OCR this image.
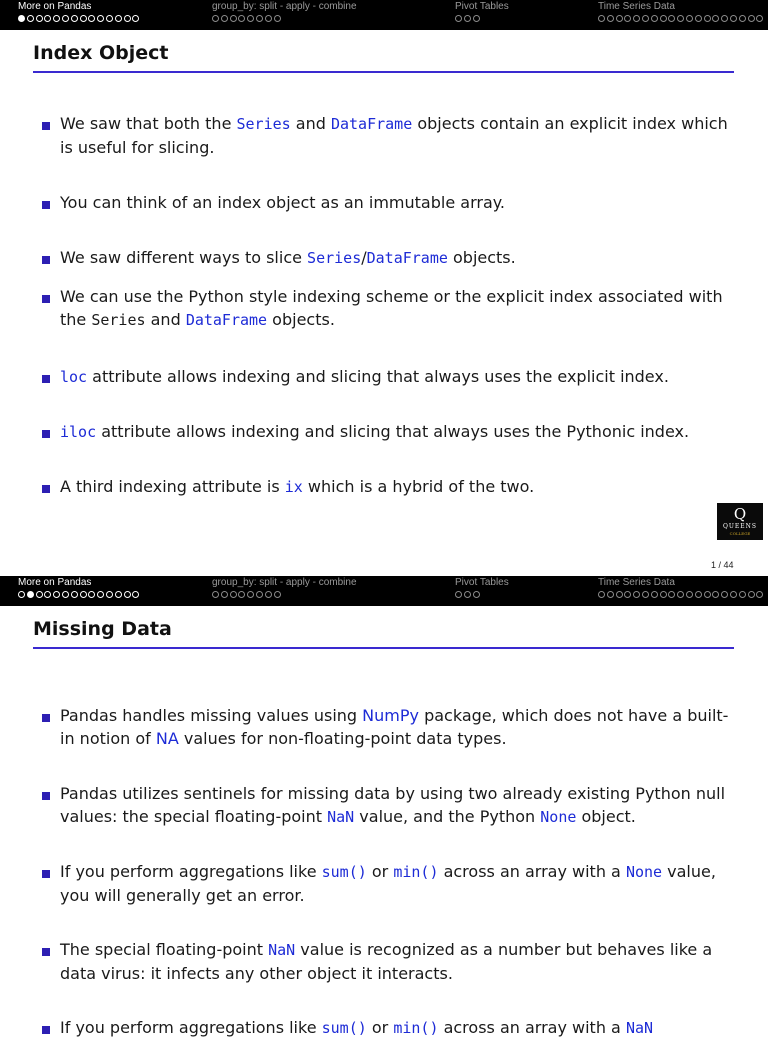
More on Pandas	group_by: split - apply - combine	Pivot Tables	Time Series Data
Index Object
We saw that both the Series and DataFrame objects contain an explicit index which is useful for slicing.
You can think of an index object as an immutable array.
We saw different ways to slice Series/DataFrame objects.
We can use the Python style indexing scheme or the explicit index associated with the Series and DataFrame objects.
loc attribute allows indexing and slicing that always uses the explicit index.
iloc attribute allows indexing and slicing that always uses the Pythonic index.
A third indexing attribute is ix which is a hybrid of the two.
Q
QUEENS
COLLEGE
1 / 44
More on Pandas	group_by: split - apply - combine	Pivot Tables	Time Series Data
Missing Data
Pandas handles missing values using NumPy package, which does not have a built-in notion of NA values for non-floating-point data types.
Pandas utilizes sentinels for missing data by using two already existing Python null values: the special floating-point NaN value, and the Python None object.
If you perform aggregations like sum() or min() across an array with a None value, you will generally get an error.
The special floating-point NaN value is recognized as a number but behaves like a data virus: it infects any other object it interacts.
If you perform aggregations like sum() or min() across an array with a NaN
